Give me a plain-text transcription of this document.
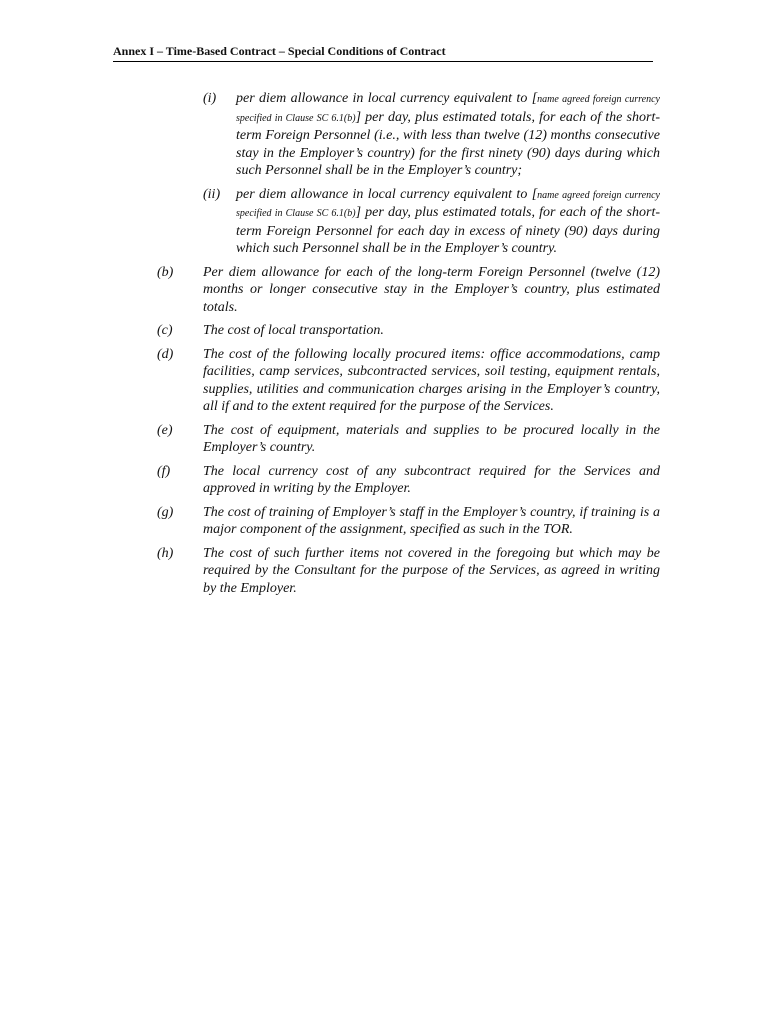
Annex I – Time-Based Contract – Special Conditions of Contract
(i) per diem allowance in local currency equivalent to [name agreed foreign currency specified in Clause SC 6.1(b)] per day, plus estimated totals, for each of the short-term Foreign Personnel (i.e., with less than twelve (12) months consecutive stay in the Employer’s country) for the first ninety (90) days during which such Personnel shall be in the Employer’s country;
(ii) per diem allowance in local currency equivalent to [name agreed foreign currency specified in Clause SC 6.1(b)] per day, plus estimated totals, for each of the short-term Foreign Personnel for each day in excess of ninety (90) days during which such Personnel shall be in the Employer’s country.
(b) Per diem allowance for each of the long-term Foreign Personnel (twelve (12) months or longer consecutive stay in the Employer’s country, plus estimated totals.
(c) The cost of local transportation.
(d) The cost of the following locally procured items: office accommodations, camp facilities, camp services, subcontracted services, soil testing, equipment rentals, supplies, utilities and communication charges arising in the Employer’s country, all if and to the extent required for the purpose of the Services.
(e) The cost of equipment, materials and supplies to be procured locally in the Employer’s country.
(f) The local currency cost of any subcontract required for the Services and approved in writing by the Employer.
(g) The cost of training of Employer’s staff in the Employer’s country, if training is a major component of the assignment, specified as such in the TOR.
(h) The cost of such further items not covered in the foregoing but which may be required by the Consultant for the purpose of the Services, as agreed in writing by the Employer.
